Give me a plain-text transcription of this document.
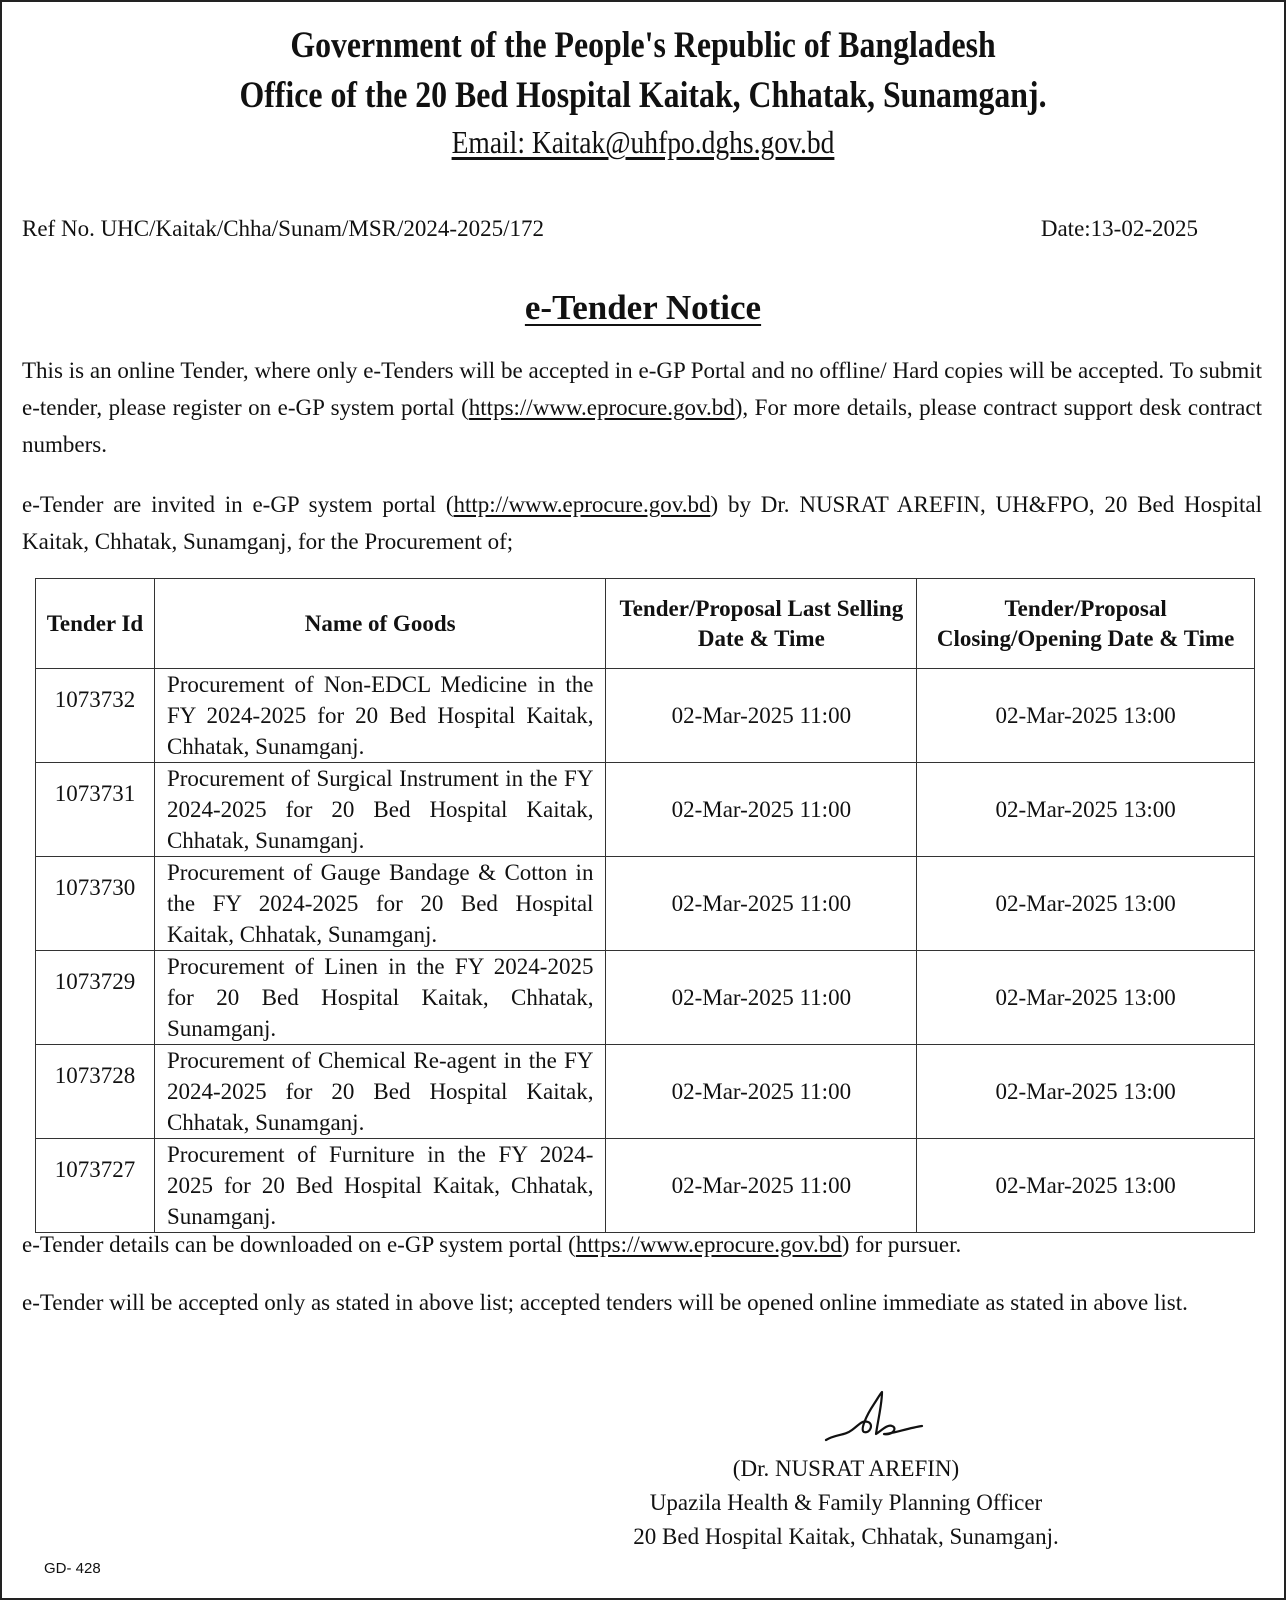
Government of the People's Republic of Bangladesh
Office of the 20 Bed Hospital Kaitak, Chhatak, Sunamganj.
Email: Kaitak@uhfpo.dghs.gov.bd
Ref No. UHC/Kaitak/Chha/Sunam/MSR/2024-2025/172	Date:13-02-2025
e-Tender Notice
This is an online Tender, where only e-Tenders will be accepted in e-GP Portal and no offline/ Hard copies will be accepted. To submit e-tender, please register on e-GP system portal (https://www.eprocure.gov.bd), For more details, please contract support desk contract numbers.
e-Tender are invited in e-GP system portal (http://www.eprocure.gov.bd) by Dr. NUSRAT AREFIN, UH&FPO, 20 Bed Hospital Kaitak, Chhatak, Sunamganj, for the Procurement of;
Tender Id	Name of Goods	Tender/Proposal Last Selling Date & Time	Tender/Proposal Closing/Opening Date & Time
1073732	Procurement of Non-EDCL Medicine in the FY 2024-2025 for 20 Bed Hospital Kaitak, Chhatak, Sunamganj.	02-Mar-2025 11:00	02-Mar-2025 13:00
1073731	Procurement of Surgical Instrument in the FY 2024-2025 for 20 Bed Hospital Kaitak, Chhatak, Sunamganj.	02-Mar-2025 11:00	02-Mar-2025 13:00
1073730	Procurement of Gauge Bandage & Cotton in the FY 2024-2025 for 20 Bed Hospital Kaitak, Chhatak, Sunamganj.	02-Mar-2025 11:00	02-Mar-2025 13:00
1073729	Procurement of Linen in the FY 2024-2025 for 20 Bed Hospital Kaitak, Chhatak, Sunamganj.	02-Mar-2025 11:00	02-Mar-2025 13:00
1073728	Procurement of Chemical Re-agent in the FY 2024-2025 for 20 Bed Hospital Kaitak, Chhatak, Sunamganj.	02-Mar-2025 11:00	02-Mar-2025 13:00
1073727	Procurement of Furniture in the FY 2024-2025 for 20 Bed Hospital Kaitak, Chhatak, Sunamganj.	02-Mar-2025 11:00	02-Mar-2025 13:00
e-Tender details can be downloaded on e-GP system portal (https://www.eprocure.gov.bd) for pursuer.
e-Tender will be accepted only as stated in above list; accepted tenders will be opened online immediate as stated in above list.
(Dr. NUSRAT AREFIN)
Upazila Health & Family Planning Officer
20 Bed Hospital Kaitak, Chhatak, Sunamganj.
GD- 428
